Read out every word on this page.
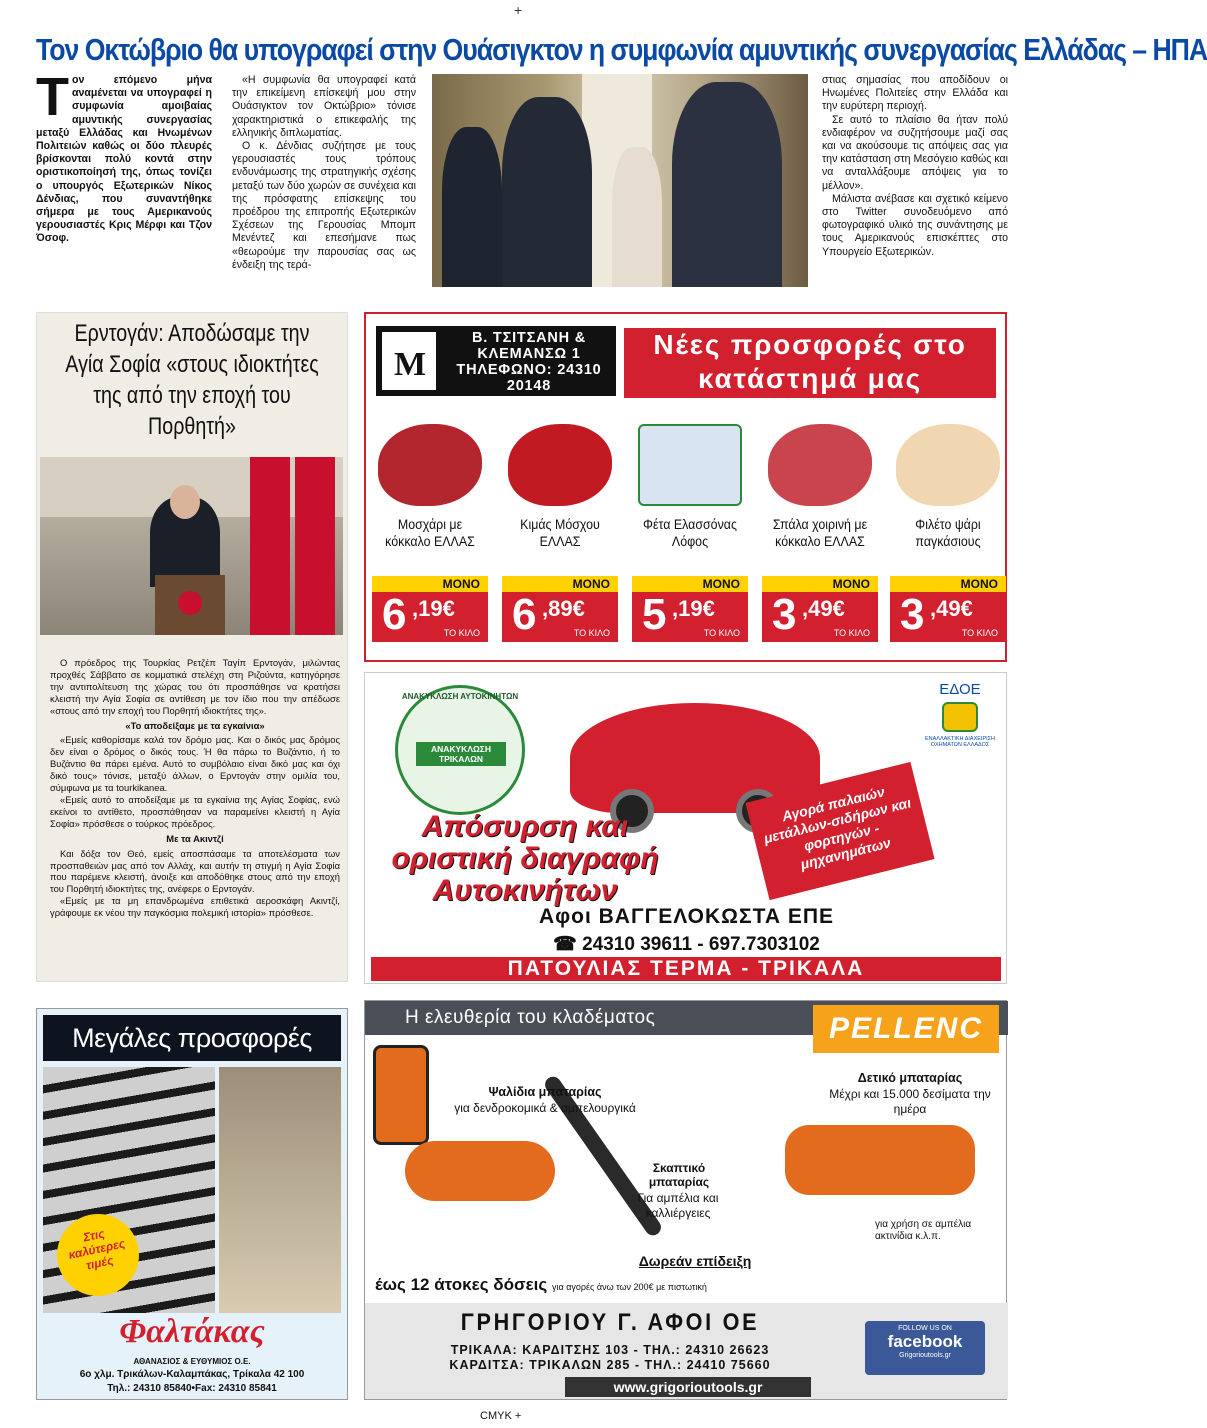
+
Τον Οκτώβριο θα υπογραφεί στην Ουάσιγκτον η συμφωνία αμυντικής συνεργασίας Ελλάδας – ΗΠΑ
Τ ον επόμενο μήνα αναμένεται να υπογραφεί η συμφωνία αμοιβαίας αμυντικής συνεργασίας μεταξύ Ελλάδας και Ηνωμένων Πολιτειών καθώς οι δύο πλευρές βρίσκονται πολύ κοντά στην οριστικοποίησή της, όπως τονίζει ο υπουργός Εξωτερικών Νίκος Δένδιας, που συναντήθηκε σήμερα με τους Αμερικανούς γερουσιαστές Κρις Μέρφι και Τζον Όσοφ.

«Η συμφωνία θα υπογραφεί κατά την επικείμενη επίσκεψή μου στην Ουάσιγκτον τον Οκτώβριο» τόνισε χαρακτηριστικά ο επικεφαλής της ελληνικής διπλωματίας.

Ο κ. Δένδιας συζήτησε με τους γερουσιαστές τους τρόπους ενδυνάμωσης της στρατηγικής σχέσης μεταξύ των δύο χωρών σε συνέχεια και της πρόσφατης επίσκεψης του προέδρου της επιτροπής Εξωτερικών Σχέσεων της Γερουσίας Μπομπ Μενέντεζ και επεσήμανε πως «θεωρούμε την παρουσίας σας ως ένδειξη της τερά-

στιας σημασίας που αποδίδουν οι Ηνωμένες Πολιτείες στην Ελλάδα και την ευρύτερη περιοχή.

Σε αυτό το πλαίσιο θα ήταν πολύ ενδιαφέρον να συζητήσουμε μαζί σας και να ακούσουμε τις απόψεις σας για την κατάσταση στη Μεσόγειο καθώς και να ανταλλάξουμε απόψεις για το μέλλον».

Μάλιστα ανέβασε και σχετικό κείμενο στο Twitter συνοδευόμενο από φωτογραφικό υλικό της συνάντησης με τους Αμερικανούς επισκέπτες στο Υπουργείο Εξωτερικών.

Ερντογάν: Αποδώσαμε την Αγία Σοφία «στους ιδιοκτήτες της από την εποχή του Πορθητή»

Ο πρόεδρος της Τουρκίας Ρετζέπ Ταγίπ Ερντογάν, μιλώντας προχθές Σάββατο σε κομματικά στελέχη στη Ριζούντα, κατηγόρησε την αντιπολίτευση της χώρας του ότι προσπάθησε να κρατήσει κλειστή την Αγία Σοφία σε αντίθεση με τον ίδιο που την απέδωσε «στους από την εποχή του Πορθητή ιδιοκτήτες της».

«Το αποδείξαμε με τα εγκαίνια»

«Εμείς καθορίσαμε καλά τον δρόμο μας. Και ο δικός μας δρόμος δεν είναι ο δρόμος ο δικός τους. Ή θα πάρω το Βυζάντιο, ή το Βυζάντιο θα πάρει εμένα. Αυτό το συμβόλαιο είναι δικό μας και όχι δικό τους» τόνισε, μεταξύ άλλων, ο Ερντογάν στην ομιλία του, σύμφωνα με τα tourkikanea.

«Εμείς αυτό το αποδείξαμε με τα εγκαίνια της Αγίας Σοφίας, ενώ εκείνοι το αντίθετο, προσπάθησαν να παραμείνει κλειστή η Αγία Σοφία» πρόσθεσε ο τούρκος πρόεδρος.

Με τα Ακιντζί

Και δόξα τον Θεό, εμείς αποσπάσαμε τα αποτελέσματα των προσπαθειών μας από τον Αλλάχ, και αυτήν τη στιγμή η Αγία Σοφία που παρέμενε κλειστή, άνοιξε και αποδόθηκε στους από την εποχή του Πορθητή ιδιοκτήτες της, ανέφερε ο Ερντογάν.

«Εμείς με τα μη επανδρωμένα επιθετικά αεροσκάφη Ακιντζί, γράφουμε εκ νέου την παγκόσμια πολεμική ιστορία» πρόσθεσε.

M
Β. ΤΣΙΤΣΑΝΗ & ΚΛΕΜΑΝΣΩ 1 ΤΗΛΕΦΩΝΟ: 24310 20148
Νέες προσφορές στο κατάστημά μας
Μοσχάρι με κόκκαλο ΕΛΛΑΣ
ΜΟΝΟ
6 ,19€
ΤΟ ΚΙΛΟ
Κιμάς Μόσχου ΕΛΛΑΣ
ΜΟΝΟ
6 ,89€
ΤΟ ΚΙΛΟ
Φέτα Ελασσόνας Λόφος
ΜΟΝΟ
5 ,19€
ΤΟ ΚΙΛΟ
Σπάλα χοιρινή με κόκκαλο ΕΛΛΑΣ
ΜΟΝΟ
3 ,49€
ΤΟ ΚΙΛΟ
Φιλέτο ψάρι παγκάσιους
ΜΟΝΟ
3 ,49€
ΤΟ ΚΙΛΟ
ΑΝΑΚΥΚΛΩΣΗ ΑΥΤΟΚΙΝΗΤΩΝ
ΑΝΑΚΥΚΛΩΣΗ ΤΡΙΚΑΛΩΝ
ΕΔΟΕ
ΕΝΑΛΛΑΚΤΙΚΗ ΔΙΑΧΕΙΡΙΣΗ ΟΧΗΜΑΤΩΝ ΕΛΛΑΔΟΣ
Απόσυρση και οριστική διαγραφή Αυτοκινήτων
Αγορά παλαιών μετάλλων-σιδήρων και φορτηγών - μηχανημάτων
Αφοι ΒΑΓΓΕΛΟΚΩΣΤΑ ΕΠΕ
☎ 24310 39611 - 697.7303102
ΠΑΤΟΥΛΙΑΣ ΤΕΡΜΑ - ΤΡΙΚΑΛΑ
Μεγάλες προσφορές
Στις καλύτερες τιμές
Φαλτάκας
ΑΘΑΝΑΣΙΟΣ & ΕΥΘΥΜΙΟΣ Ο.Ε.
6ο χλμ. Τρικάλων-Καλαμπάκας, Τρίκαλα 42 100
Τηλ.: 24310 85840•Fax: 24310 85841
Η ελευθερία του κλαδέματος	PELLENC
Ψαλίδια μπαταρίας
για δενδροκομικά & αμπελουργικά
Σκαπτικό μπαταρίας
Για αμπέλια και καλλιέργειες
Δετικό μπαταρίας
Μέχρι και 15.000 δεσίματα την ημέρα
για χρήση σε αμπέλια ακτινίδια κ.λ.π.
Δωρεάν επίδειξη
έως 12 άτοκες δόσεις για αγορές άνω των 200€ με πιστωτική
ΓΡΗΓΟΡΙΟΥ Γ. ΑΦΟΙ ΟΕ
ΤΡΙΚΑΛΑ: ΚΑΡΔΙΤΣΗΣ 103 - ΤΗΛ.: 24310 26623
ΚΑΡΔΙΤΣΑ: ΤΡΙΚΑΛΩΝ 285 - ΤΗΛ.: 24410 75660
www.grigorioutools.gr
FOLLOW US ON
facebook
Grigorioutools.gr
CMYK +
